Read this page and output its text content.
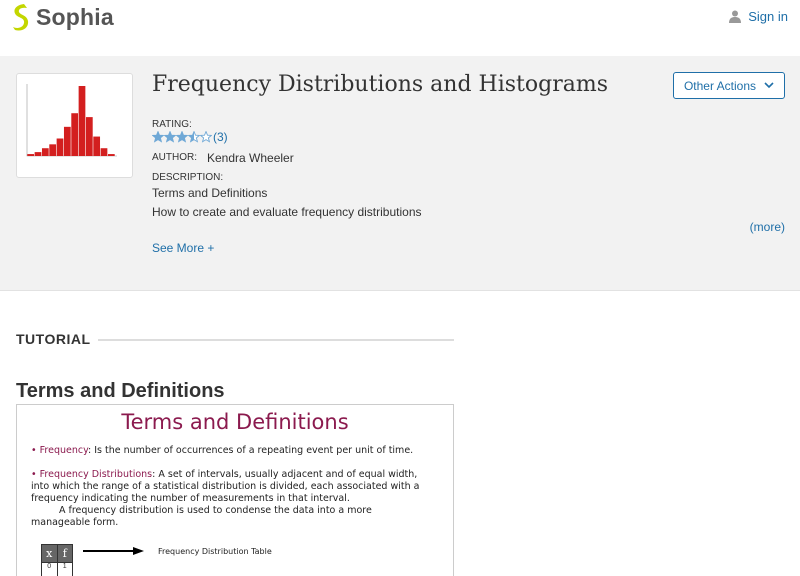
Sophia	Sign in
Frequency Distributions and Histograms	Other Actions
RATING:
(3)
AUTHOR: Kendra Wheeler
DESCRIPTION:
Terms and Definitions
How to create and evaluate frequency distributions
(more)
See More +
TUTORIAL
Terms and Definitions
Terms and Definitions
• Frequency: Is the number of occurrences of a repeating event per unit of time.
• Frequency Distributions: A set of intervals, usually adjacent and of equal width,
into which the range of a statistical distribution is divided, each associated with a
frequency indicating the number of measurements in that interval.
A frequency distribution is used to condense the data into a more
manageable form.
x f
0	1
Frequency Distribution Table
